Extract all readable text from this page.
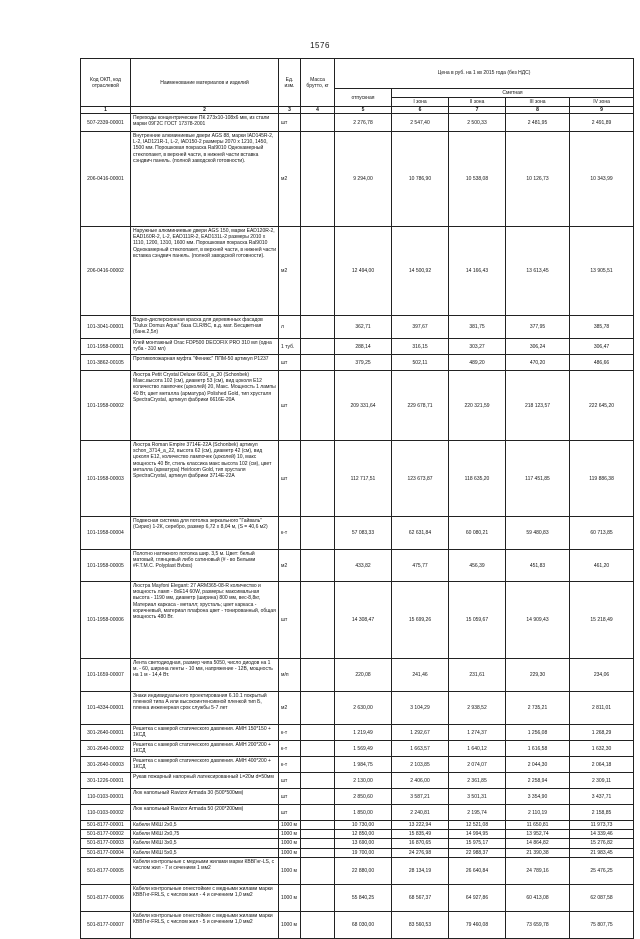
1576
Код ОКП, код отраслевой	Наименование материалов и изделий	Ед. изм.	Масса брутто, кг	Цена в руб. на 1 кв 2015 года (без НДС)				
				отпускная	Сметная			
					I зона	II зона	III зона	IV зона
1	2	3	4	5	6	7	8	9
507-2339-00001	Переходы концентрические ПК 273х10-108х6 мм, из стали марки 09Г2С ГОСТ 17378-2001	шт		2 276,78	2 547,40	2 500,33	2 481,95	2 491,89
206-0416-00001	Внутренние алюминиевые двери AGS 88, марки IAD145R-2, L-2, IAD121R-1, L-2, IAD150-2 размеры 2070 х 1210, 1450, 1500 мм. Порошковая покраска Ral9010 Однокамерный стеклопакет, в верхней части, в нижней части вставка сэндвич панель. (полной заводской готовности).	м2		9 294,00	10 786,90	10 538,08	10 126,73	10 343,99
206-0416-00002	Наружные алюминиевые двери AGS 150, марки EAD120R-2, EAD160R-2, L-2, EAD111R-2, EAD131L-2 размеры 2010 х 1110, 1200, 1310, 1600 мм. Порошковая покраска Ral9010 Однокамерный стеклопакет, в верхней части, в нижней части вставка сэндвич панель. (полной заводской готовности).	м2		12 494,00	14 500,92	14 166,43	13 613,45	13 905,51
101-3041-00001	Водно-дисперсионная краска для деревянных фасадов "Dulux Domus Aqua" база CLR/BC, в.д. мат. Бесцветная (банк.2,5л)	л		362,71	397,67	381,75	377,95	385,78
101-1958-00001	Клей монтажный Orac FDP500 DECOFIX PRO 310 мл (одна туба - 310 мл)	1 туб.		288,14	316,15	303,27	306,24	306,47
101-3862-00105	Противопожарная муфта "Феникс" ППМ-50 артикул P1237	шт		379,25	502,11	489,20	470,20	486,66
101-1958-00002	Люстра Petit Crystal Deluxe 6616_а_20 (Schonbek) Макс.высота 102 (см), диаметр 53 (см), вид цоколя E12 количество лампочек (цоколей) 20, Макс. Мощность 1 лампы 40 Вт, цвет металла (арматура) Polished Gold, тип хрусталя SpectraCrystal, артикул фабрики 6616E-20A	шт		209 331,64	229 678,71	220 321,59	218 123,57	222 645,20
101-1958-00003	Люстра Roman Empire 3714E-22A (Schonbek) артикул schon_3714_a_22, высота 62 (см), диаметр 42 (см), вид цоколя E12, количество лампочек (цоколей) 10, макс мощность 40 Вт, стиль классика макс высота 102 (см), цвет металла (арматура) Heirloom Gold, тип хрусталя SpectraCrystal, артикул фабрики 3714E-22A	шт		112 717,51	123 673,87	118 635,20	117 451,85	119 886,38
101-1958-00004	Подвесная система для потолка зеркального "Гайваль" (Сирио) 1-2К, серебро, размер 6,72 х 8,04 м, (S = 40,6 м2)	к-т		57 083,33	62 631,84	60 080,21	59 480,83	60 713,85
101-1958-00005	Полотно натяжного потолка шир. 3,5 м. Цвет: белый матовый, глянцевый либо сатиновый (# - во Белыми #F.T.M.C. Polyplast Bvbxs)	м2		433,82	475,77	456,39	451,83	461,20
101-1958-00006	Люстра Mayfoni Elegant: 27 ARM365-08-R количество и мощность ламп - 8хЕ14 60W, размеры: максимальная высота - 1190 мм, диаметр (ширина) 800 мм, вес-8,8кг, Материал каркаса - металл; хрусталь; цвет каркаса - коричневый, материал плафона цвет - тонированный, общая мощность 480 Вт.	шт		14 308,47	15 699,26	15 059,67	14 909,43	15 218,49
101-1659-00007	Лента светодиодная, размер чипа 5050, число диодов на 1 м. - 60, ширина ленты - 10 мм, напряжение - 12В, мощность на 1 м - 14,4 Вт.	м/п		220,08	241,46	231,61	229,30	234,06
101-4334-00001	Знаки индивидуального проектирования 6.10.1 покрытый пленкой типа А или высокоинтенсивной пленкой тип Б, пленка инженерная срок службы 5-7 лет	м2		2 630,00	3 104,29	2 938,52	2 735,21	2 811,01
301-2640-00001	Решетка с камерой статического давления. АМН 150*150 + 1КСД	к-т		1 219,49	1 292,67	1 274,37	1 256,08	1 268,29
301-2640-00002	Решетка с камерой статического давления. АМН 200*200 + 1КСД	к-т		1 569,49	1 663,57	1 640,12	1 616,58	1 632,30
301-2640-00003	Решетка с камерой статического давления. АМН 400*200 + 1КСД	к-т		1 984,75	2 103,85	2 074,07	2 044,30	2 064,18
301-1226-00001	Рукав пожарный напорный латексированный L=20м d=50мм	шт		2 130,00	2 406,00	2 361,85	2 258,94	2 309,11
110-0103-00001	Люк напольный Ravizor Armada 30 (500*500мм)	шт		2 850,60	3 587,21	3 501,31	3 354,90	3 437,71
110-0103-00002	Люк напольный Ravizor Armada 50 (200*200мм)	шт		1 850,00	2 240,81	2 195,74	2 110,19	2 158,85
501-8177-00001	Кабели МКШ 2х0,5	1000 м		10 730,00	13 222,94	12 521,08	11 650,81	11 973,73
501-8177-00002	Кабели МКШ 2х0,75	1000 м		12 850,00	15 835,49	14 994,95	13 952,74	14 339,46
501-8177-00003	Кабели МКШ 3х0,5	1000 м		13 690,00	16 870,65	15 975,17	14 864,82	15 276,82
501-8177-00004	Кабели МКШ 5х0,5	1000 м		19 700,00	24 276,98	22 988,37	21 390,38	21 983,45
501-8177-00005	Кабели контрольные с медными жилами марки КВВГнг-LS, с числом жил - 7 и сечением 1 мм2	1000 м		22 880,00	28 134,19	26 640,84	24 789,16	25 476,25
501-8177-00006	Кабели контрольные огнестойкие с медными жилами марки КВВГнг-FRLS, с числом жил - 4 и сечением 1,0 мм2	1000 м		55 840,25	68 567,37	64 927,86	60 413,08	62 087,58
501-8177-00007	Кабели контрольные огнестойкие с медными жилами марки КВВГнг-FRLS, с числом жил - 5 и сечением 1,0 мм2	1000 м		68 030,00	83 560,53	79 460,08	73 659,78	75 807,75
